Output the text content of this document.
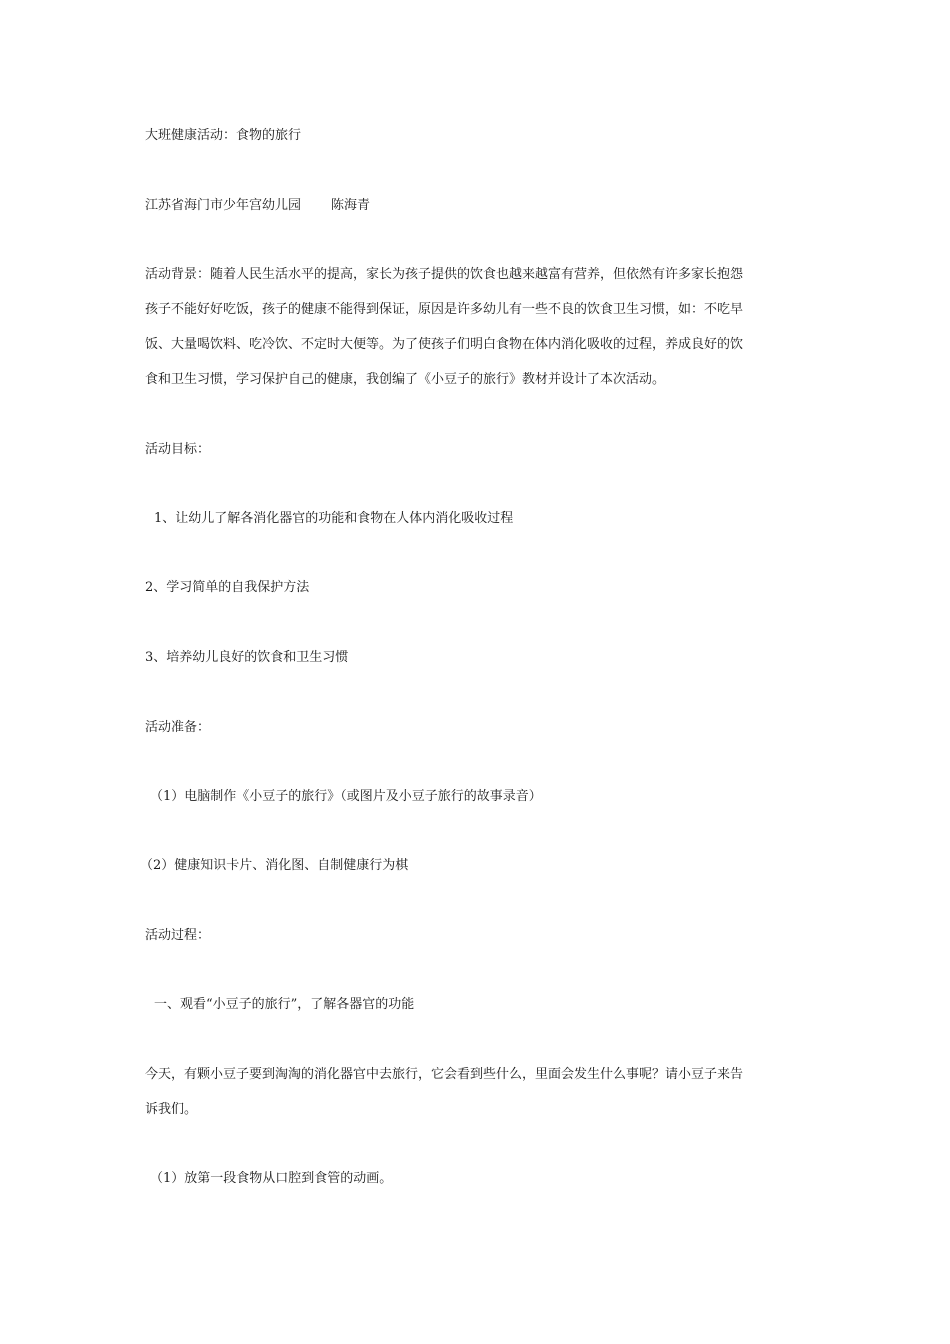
大班健康活动：食物的旅行
江苏省海门市少年宫幼儿园 陈海青
活动背景：随着人民生活水平的提高，家长为孩子提供的饮食也越来越富有营养，但依然有许多家长抱怨
孩子不能好好吃饭，孩子的健康不能得到保证，原因是许多幼儿有一些不良的饮食卫生习惯，如：不吃早
饭、大量喝饮料、吃冷饮、不定时大便等。为了使孩子们明白食物在体内消化吸收的过程，养成良好的饮
食和卫生习惯，学习保护自己的健康，我创编了《小豆子的旅行》教材并设计了本次活动。
活动目标：
1、让幼儿了解各消化器官的功能和食物在人体内消化吸收过程
2、学习简单的自我保护方法
3、培养幼儿良好的饮食和卫生习惯
活动准备：
（1）电脑制作《小豆子的旅行》（或图片及小豆子旅行的故事录音）
（2）健康知识卡片、消化图、自制健康行为棋
活动过程：
一、观看“小豆子的旅行”，了解各器官的功能
今天，有颗小豆子要到淘淘的消化器官中去旅行，它会看到些什么，里面会发生什么事呢？请小豆子来告
诉我们。
（1）放第一段食物从口腔到食管的动画。
